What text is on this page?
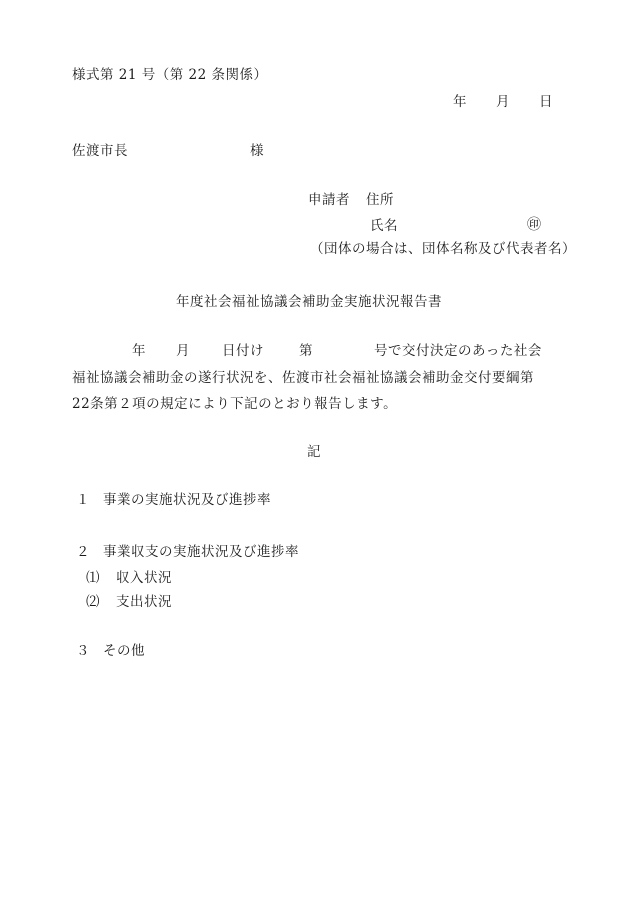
様式第 21 号（第 22 条関係）
年 月 日
佐渡市長	様
申請者 住所
氏名	㊞
（団体の場合は、団体名称及び代表者名）
年度社会福祉協議会補助金実施状況報告書
年 月 日付け	第	号で交付決定のあった社会
福祉協議会補助金の遂行状況を、佐渡市社会福祉協議会補助金交付要綱第
22条第２項の規定により下記のとおり報告します。
記
１ 事業の実施状況及び進捗率
２ 事業収支の実施状況及び進捗率
⑴ 収入状況
⑵ 支出状況
３ その他
